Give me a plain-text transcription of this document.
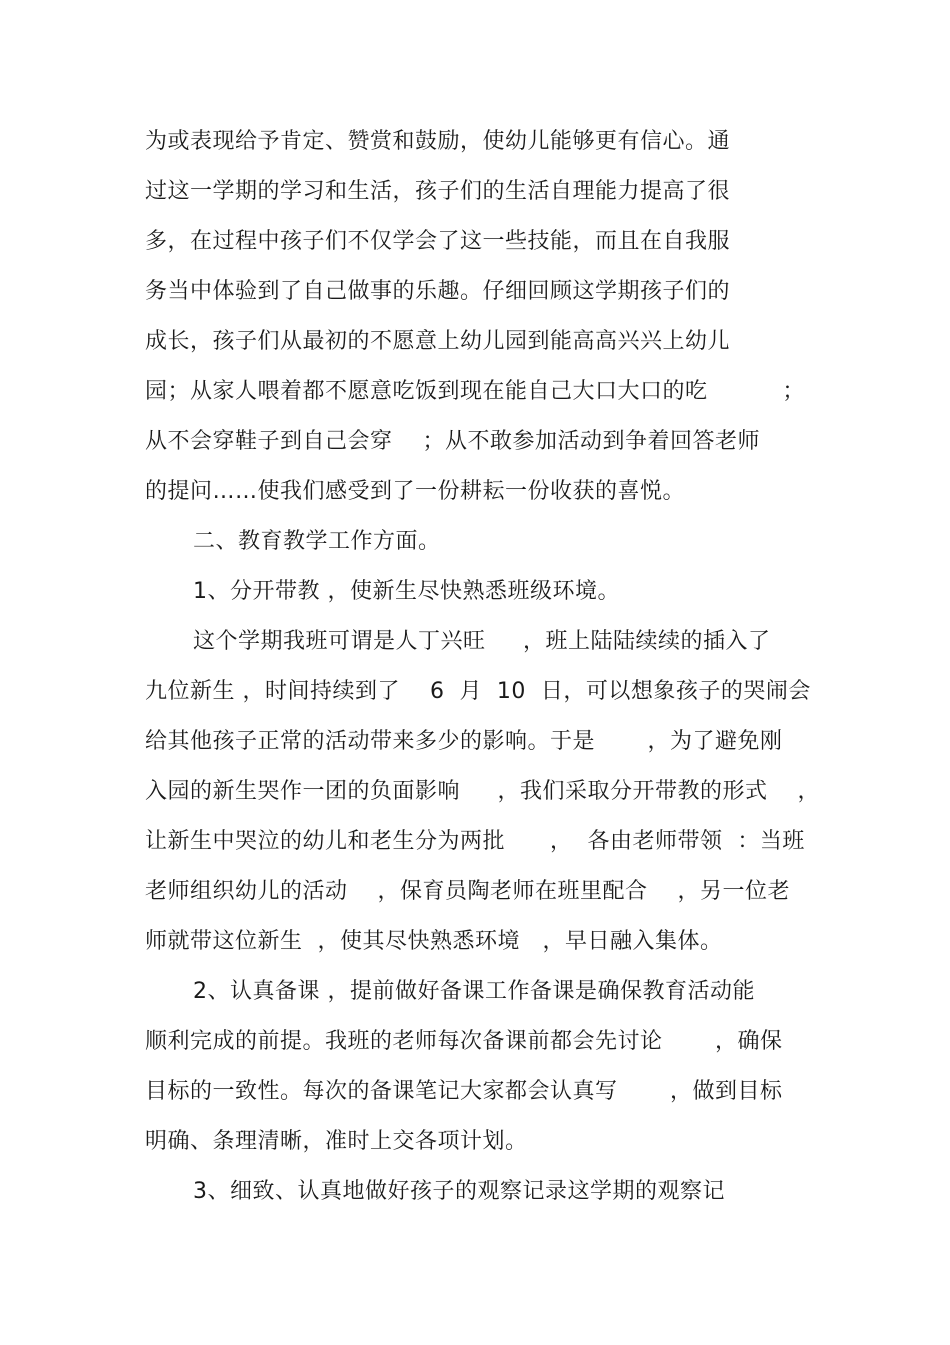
为或表现给予肯定、赞赏和鼓励，使幼儿能够更有信心。通
过这一学期的学习和生活，孩子们的生活自理能力提高了很
多，在过程中孩子们不仅学会了这一些技能，而且在自我服
务当中体验到了自己做事的乐趣。仔细回顾这学期孩子们的
成长，孩子们从最初的不愿意上幼儿园到能高高兴兴上幼儿
园；从家人喂着都不愿意吃饭到现在能自己大口大口的吃          ；
从不会穿鞋子到自己会穿    ；从不敢参加活动到争着回答老师
的提问……使我们感受到了一份耕耘一份收获的喜悦。
二、教育教学工作方面。
1、分开带教 ，使新生尽快熟悉班级环境。
这个学期我班可谓是人丁兴旺     ，班上陆陆续续的插入了
九位新生 ，时间持续到了    6  月  10  日，可以想象孩子的哭闹会
给其他孩子正常的活动带来多少的影响。于是       ，为了避免刚
入园的新生哭作一团的负面影响     ，我们采取分开带教的形式    ，
让新生中哭泣的幼儿和老生分为两批      ，  各由老师带领  ：当班
老师组织幼儿的活动    ，保育员陶老师在班里配合    ，另一位老
师就带这位新生  ，使其尽快熟悉环境   ，早日融入集体。
2、认真备课 ，提前做好备课工作备课是确保教育活动能
顺利完成的前提。我班的老师每次备课前都会先讨论       ，确保
目标的一致性。每次的备课笔记大家都会认真写       ，做到目标
明确、条理清晰，准时上交各项计划。
3、细致、认真地做好孩子的观察记录这学期的观察记
